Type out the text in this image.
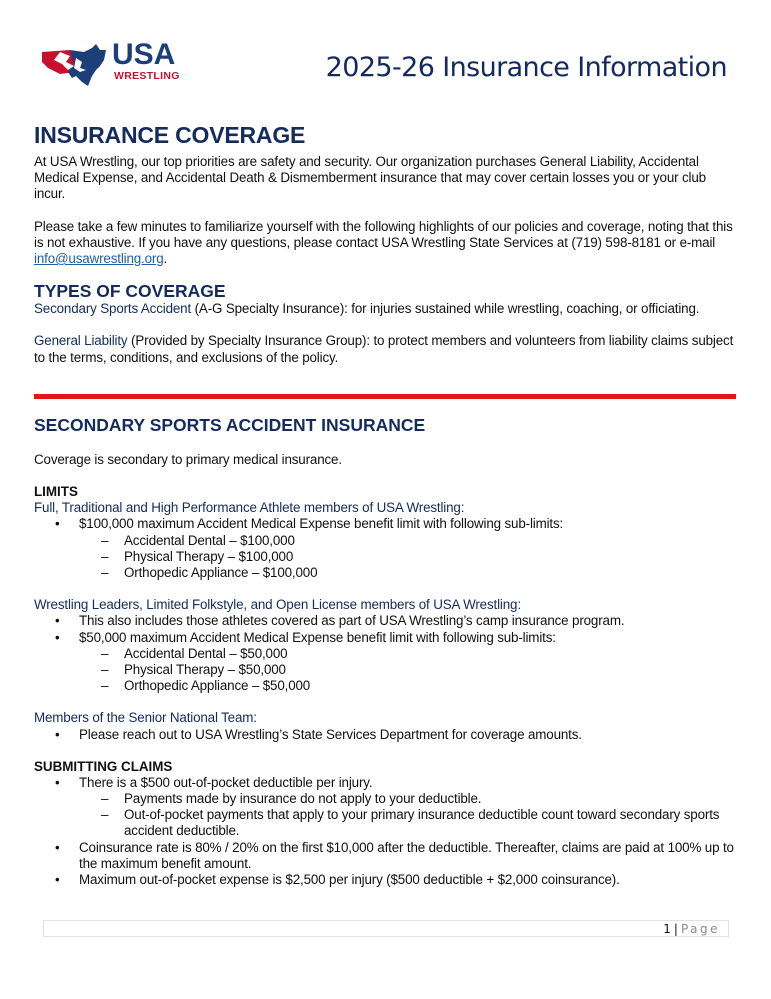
USA
WRESTLING	2025-26 Insurance Information
INSURANCE COVERAGE

At USA Wrestling, our top priorities are safety and security. Our organization purchases General Liability, Accidental Medical Expense, and Accidental Death & Dismemberment insurance that may cover certain losses you or your club incur.

Please take a few minutes to familiarize yourself with the following highlights of our policies and coverage, noting that this is not exhaustive. If you have any questions, please contact USA Wrestling State Services at (719) 598-8181 or e-mail info@usawrestling.org.

TYPES OF COVERAGE

Secondary Sports Accident (A-G Specialty Insurance): for injuries sustained while wrestling, coaching, or officiating.

General Liability (Provided by Specialty Insurance Group): to protect members and volunteers from liability claims subject to the terms, conditions, and exclusions of the policy.

SECONDARY SPORTS ACCIDENT INSURANCE

Coverage is secondary to primary medical insurance.

LIMITS
Full, Traditional and High Performance Athlete members of USA Wrestling:
• $100,000 maximum Accident Medical Expense benefit limit with following sub-limits:
– Accidental Dental – $100,000
– Physical Therapy – $100,000
– Orthopedic Appliance – $100,000
Wrestling Leaders, Limited Folkstyle, and Open License members of USA Wrestling:
• This also includes those athletes covered as part of USA Wrestling’s camp insurance program.
• $50,000 maximum Accident Medical Expense benefit limit with following sub-limits:
– Accidental Dental – $50,000
– Physical Therapy – $50,000
– Orthopedic Appliance – $50,000
Members of the Senior National Team:
• Please reach out to USA Wrestling’s State Services Department for coverage amounts.
SUBMITTING CLAIMS
• There is a $500 out-of-pocket deductible per injury.
– Payments made by insurance do not apply to your deductible.
– Out-of-pocket payments that apply to your primary insurance deductible count toward secondary sports accident deductible.
• Coinsurance rate is 80% / 20% on the first $10,000 after the deductible. Thereafter, claims are paid at 100% up to the maximum benefit amount.
• Maximum out-of-pocket expense is $2,500 per injury ($500 deductible + $2,000 coinsurance).
1 | Page
